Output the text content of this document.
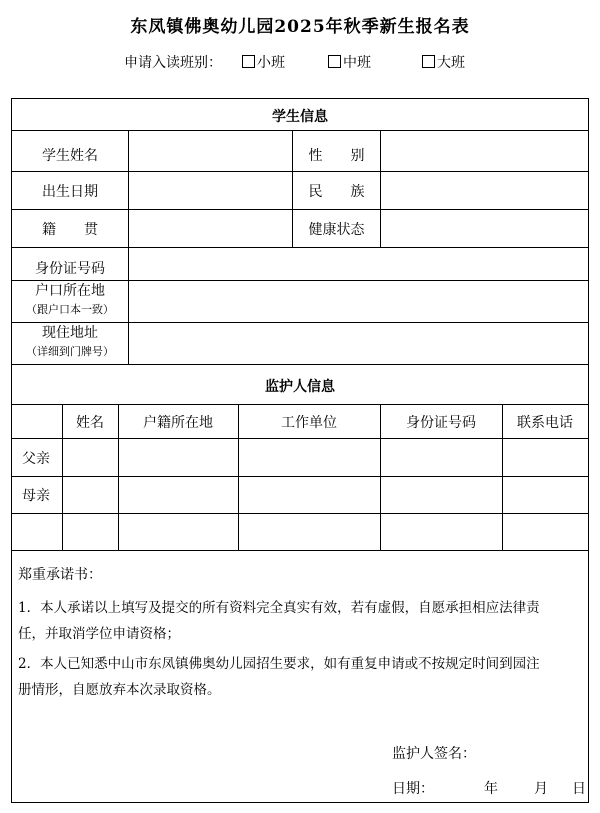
东凤镇佛奥幼儿园2025年秋季新生报名表
申请入读班别：	小班	中班	大班
学生信息
学生姓名	性　　别
出生日期	民　　族
籍　　贯	健康状态
身份证号码
户口所在地
（跟户口本一致）
现住地址
（详细到门牌号）
监护人信息
姓名	户籍所在地	工作单位	身份证号码	联系电话
父亲
母亲
郑重承诺书：
1．本人承诺以上填写及提交的所有资料完全真实有效，若有虚假，自愿承担相应法律责
任，并取消学位申请资格；
2．本人已知悉中山市东凤镇佛奥幼儿园招生要求，如有重复申请或不按规定时间到园注
册情形，自愿放弃本次录取资格。
监护人签名：
日期：	年	月 日
